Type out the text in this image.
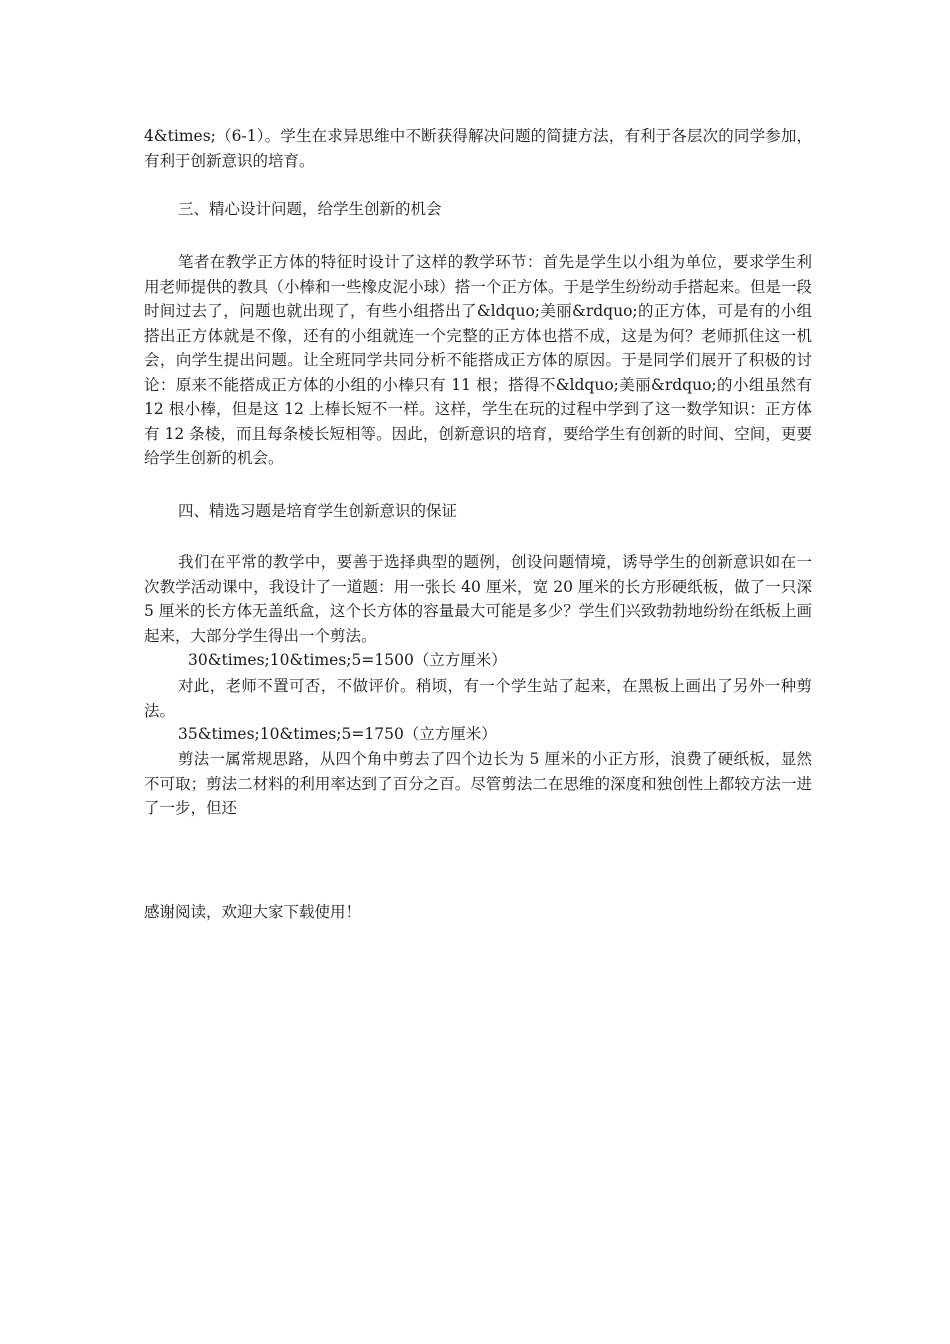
4&times;（6-1）。学生在求异思维中不断获得解决问题的简捷方法，有利于各层次的同学参加，有利于创新意识的培育。

三、精心设计问题，给学生创新的机会

笔者在教学正方体的特征时设计了这样的教学环节：首先是学生以小组为单位，要求学生利用老师提供的教具（小棒和一些橡皮泥小球）搭一个正方体。于是学生纷纷动手搭起来。但是一段时间过去了，问题也就出现了，有些小组搭出了&ldquo;美丽&rdquo;的正方体，可是有的小组搭出正方体就是不像，还有的小组就连一个完整的正方体也搭不成，这是为何？老师抓住这一机会，向学生提出问题。让全班同学共同分析不能搭成正方体的原因。于是同学们展开了积极的讨论：原来不能搭成正方体的小组的小棒只有 11 根；搭得不&ldquo;美丽&rdquo;的小组虽然有 12 根小棒，但是这 12 上棒长短不一样。这样，学生在玩的过程中学到了这一数学知识：正方体有 12 条棱，而且每条棱长短相等。因此，创新意识的培育，要给学生有创新的时间、空间，更要给学生创新的机会。

四、精选习题是培育学生创新意识的保证

我们在平常的教学中，要善于选择典型的题例，创设问题情境，诱导学生的创新意识如在一次教学活动课中，我设计了一道题：用一张长 40 厘米，宽 20 厘米的长方形硬纸板，做了一只深 5 厘米的长方体无盖纸盒，这个长方体的容量最大可能是多少？学生们兴致勃勃地纷纷在纸板上画起来，大部分学生得出一个剪法。

30&times;10&times;5=1500（立方厘米）

对此，老师不置可否，不做评价。稍顷，有一个学生站了起来，在黑板上画出了另外一种剪法。

35&times;10&times;5=1750（立方厘米）

剪法一属常规思路，从四个角中剪去了四个边长为 5 厘米的小正方形，浪费了硬纸板，显然不可取；剪法二材料的利用率达到了百分之百。尽管剪法二在思维的深度和独创性上都较方法一进了一步，但还

感谢阅读，欢迎大家下载使用！
